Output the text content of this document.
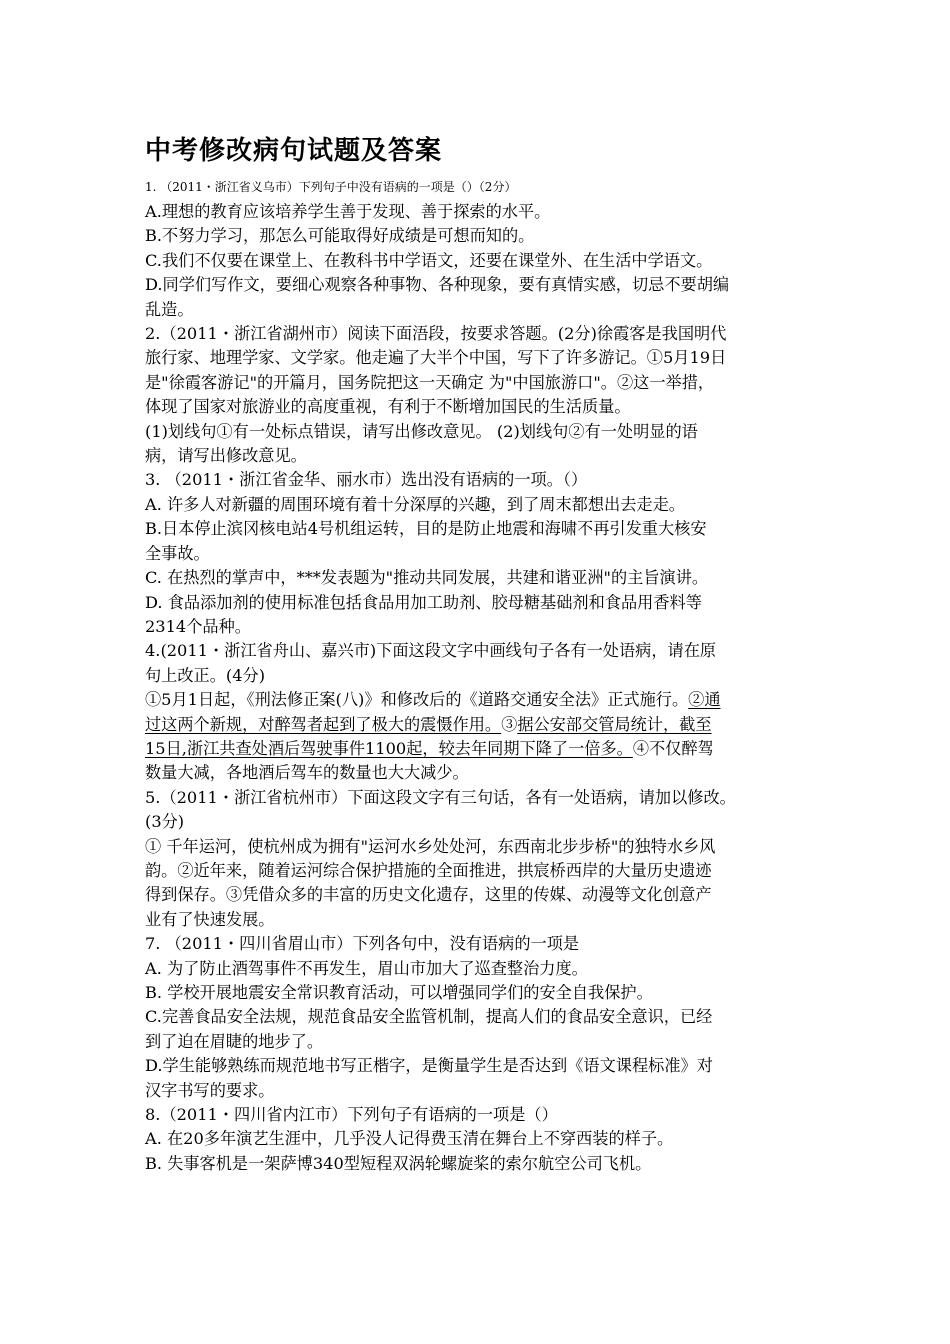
中考修改病句试题及答案
1. （2011・浙江省义乌市）下列句子中没有语病的一项是（）（2分）
A.理想的教育应该培养学生善于发现、善于探索的水平。
B.不努力学习，那怎么可能取得好成绩是可想而知的。
C.我们不仅要在课堂上、在教科书中学语文，还要在课堂外、在生活中学语文。
D.同学们写作文，要细心观察各种事物、各种现象，要有真情实感，切忌不要胡编
乱造。
2.（2011・浙江省湖州市）阅读下面浯段，按要求答题。(2分)徐霞客是我国明代
旅行家、地理学家、文学家。他走遍了大半个中国，写下了许多游记。①5月19日
是"徐霞客游记"的开篇月，国务院把这一天确定 为"中国旅游口"。②这一举措，
体现了国家对旅游业的高度重视，有利于不断增加国民的生活质量。
(1)划线句①有一处标点错误，请写出修改意见。 (2)划线句②有一处明显的语
病，请写出修改意见。
3. （2011・浙江省金华、丽水市）选出没有语病的一项。（）
A. 许多人对新疆的周围环境有着十分深厚的兴趣，到了周末都想出去走走。
B.日本停止滨冈核电站4号机组运转，目的是防止地震和海啸不再引发重大核安
全事故。
C. 在热烈的掌声中，***发表题为"推动共同发展，共建和谐亚洲"的主旨演讲。
D. 食品添加剂的使用标准包括食品用加工助剂、胶母糖基础剂和食品用香料等
2314个品种。
4.(2011・浙江省舟山、嘉兴市)下面这段文字中画线句子各有一处语病，请在原
句上改正。(4分)
①5月1日起，《刑法修正案(八)》和修改后的《道路交通安全法》正式施行。②通
过这两个新规，对醉驾者起到了极大的震慑作用。③据公安部交管局统计，截至
15日,浙江共查处酒后驾驶事件1100起，较去年同期下降了一倍多。④不仅醉驾
数量大减，各地酒后驾车的数量也大大减少。
5.（2011・浙江省杭州市）下面这段文字有三句话，各有一处语病，请加以修改。
(3分)
① 千年运河，使杭州成为拥有"运河水乡处处河，东西南北步步桥"的独特水乡风
韵。②近年来，随着运河综合保护措施的全面推进，拱宸桥西岸的大量历史遗迹
得到保存。③凭借众多的丰富的历史文化遗存，这里的传媒、动漫等文化创意产
业有了快速发展。
7. （2011・四川省眉山市）下列各句中，没有语病的一项是
A. 为了防止酒驾事件不再发生，眉山市加大了巡查整治力度。
B. 学校开展地震安全常识教育活动，可以增强同学们的安全自我保护。
C.完善食品安全法规，规范食品安全监管机制，提高人们的食品安全意识，已经
到了迫在眉睫的地步了。
D.学生能够熟练而规范地书写正楷字，是衡量学生是否达到《语文课程标准》对
汉字书写的要求。
8.（2011・四川省内江市）下列句子有语病的一项是（）
A. 在20多年演艺生涯中，几乎没人记得费玉清在舞台上不穿西装的样子。
B. 失事客机是一架萨博340型短程双涡轮螺旋桨的索尔航空公司飞机。
